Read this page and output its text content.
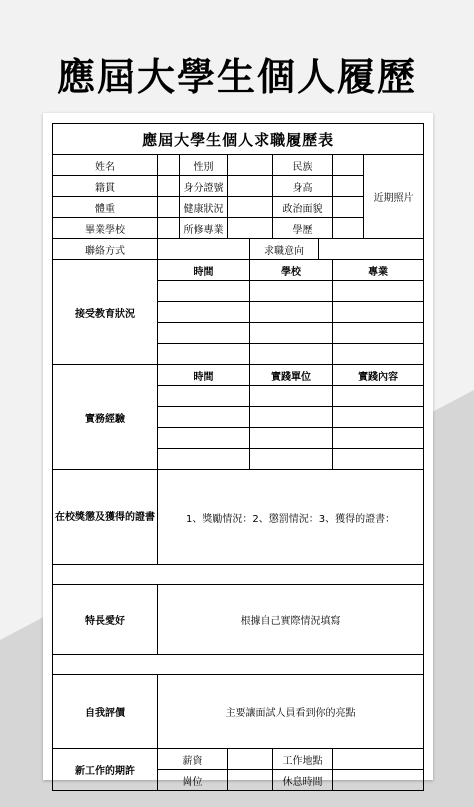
應屆大學生個人履歷
應屆大學生個人求職履歷表								
姓名		性別			民族			近期照片
籍貫		身分證號			身高			
體重		健康狀況			政治面貌			
畢業學校		所修專業			學歷			
聯絡方式				求職意向				
接受教育狀況	時間			學校			專業	

實務經驗	時間			實踐單位			實踐內容	

在校獎懲及獲得的證書	1、獎勵情況：2、懲罰情況：3、獲得的證書：							

特長愛好	根據自己實際情況填寫							

自我評價	主要讓面試人員看到你的亮點							
新工作的期許	薪資				工作地點			
	崗位				休息時間			
